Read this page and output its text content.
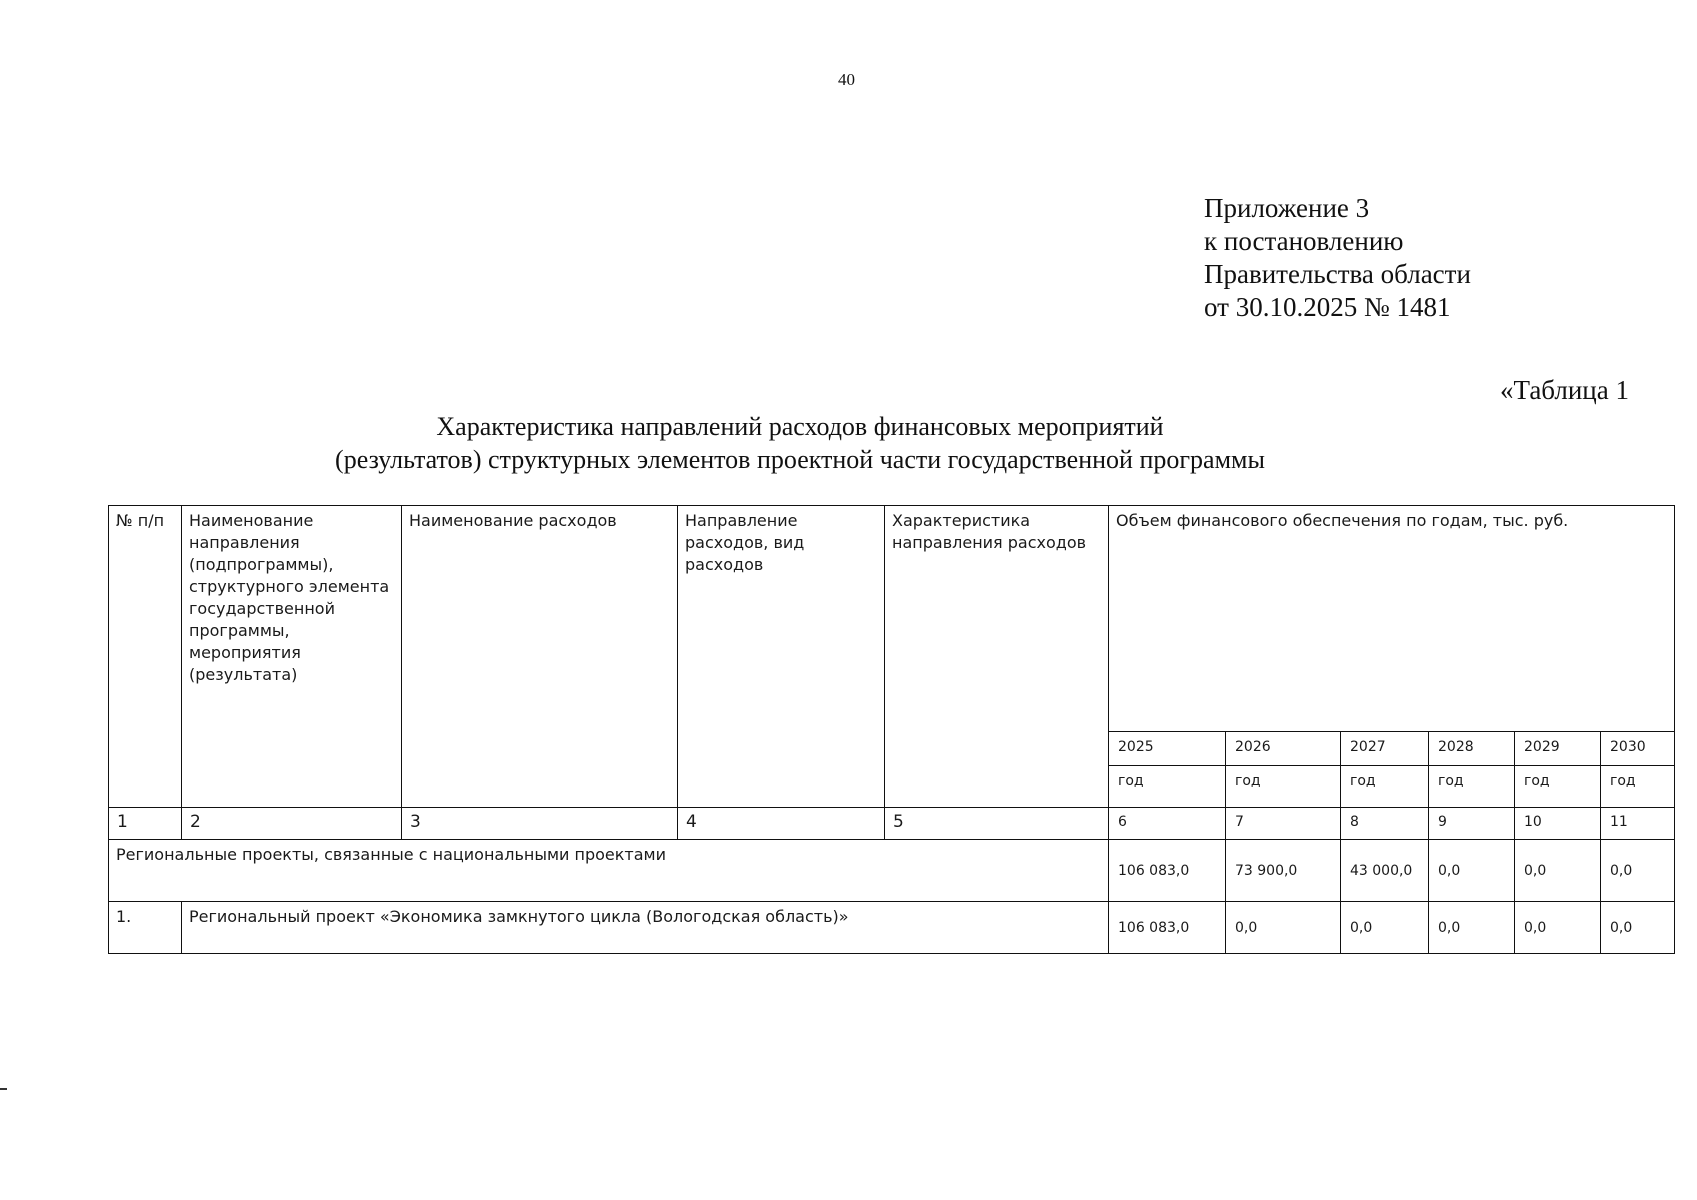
40
Приложение 3
к постановлению
Правительства области
от 30.10.2025 № 1481
«Таблица 1
Характеристика направлений расходов финансовых мероприятий
(результатов) структурных элементов проектной части государственной программы
№ п/п	Наименование направления (подпрограммы), структурного элемента государственной программы, мероприятия (результата)	Наименование расходов	Направление расходов, вид расходов	Характеристика направления расходов	Объем финансового обеспечения по годам, тыс. руб.					
					2025	2026	2027	2028	2029	2030
					год	год	год	год	год	год
1	2	3	4	5	6	7	8	9	10	11
Региональные проекты, связанные с национальными проектами					106 083,0	73 900,0	43 000,0	0,0	0,0	0,0
1.	Региональный проект «Экономика замкнутого цикла (Вологодская область)»				106 083,0	0,0	0,0	0,0	0,0	0,0
